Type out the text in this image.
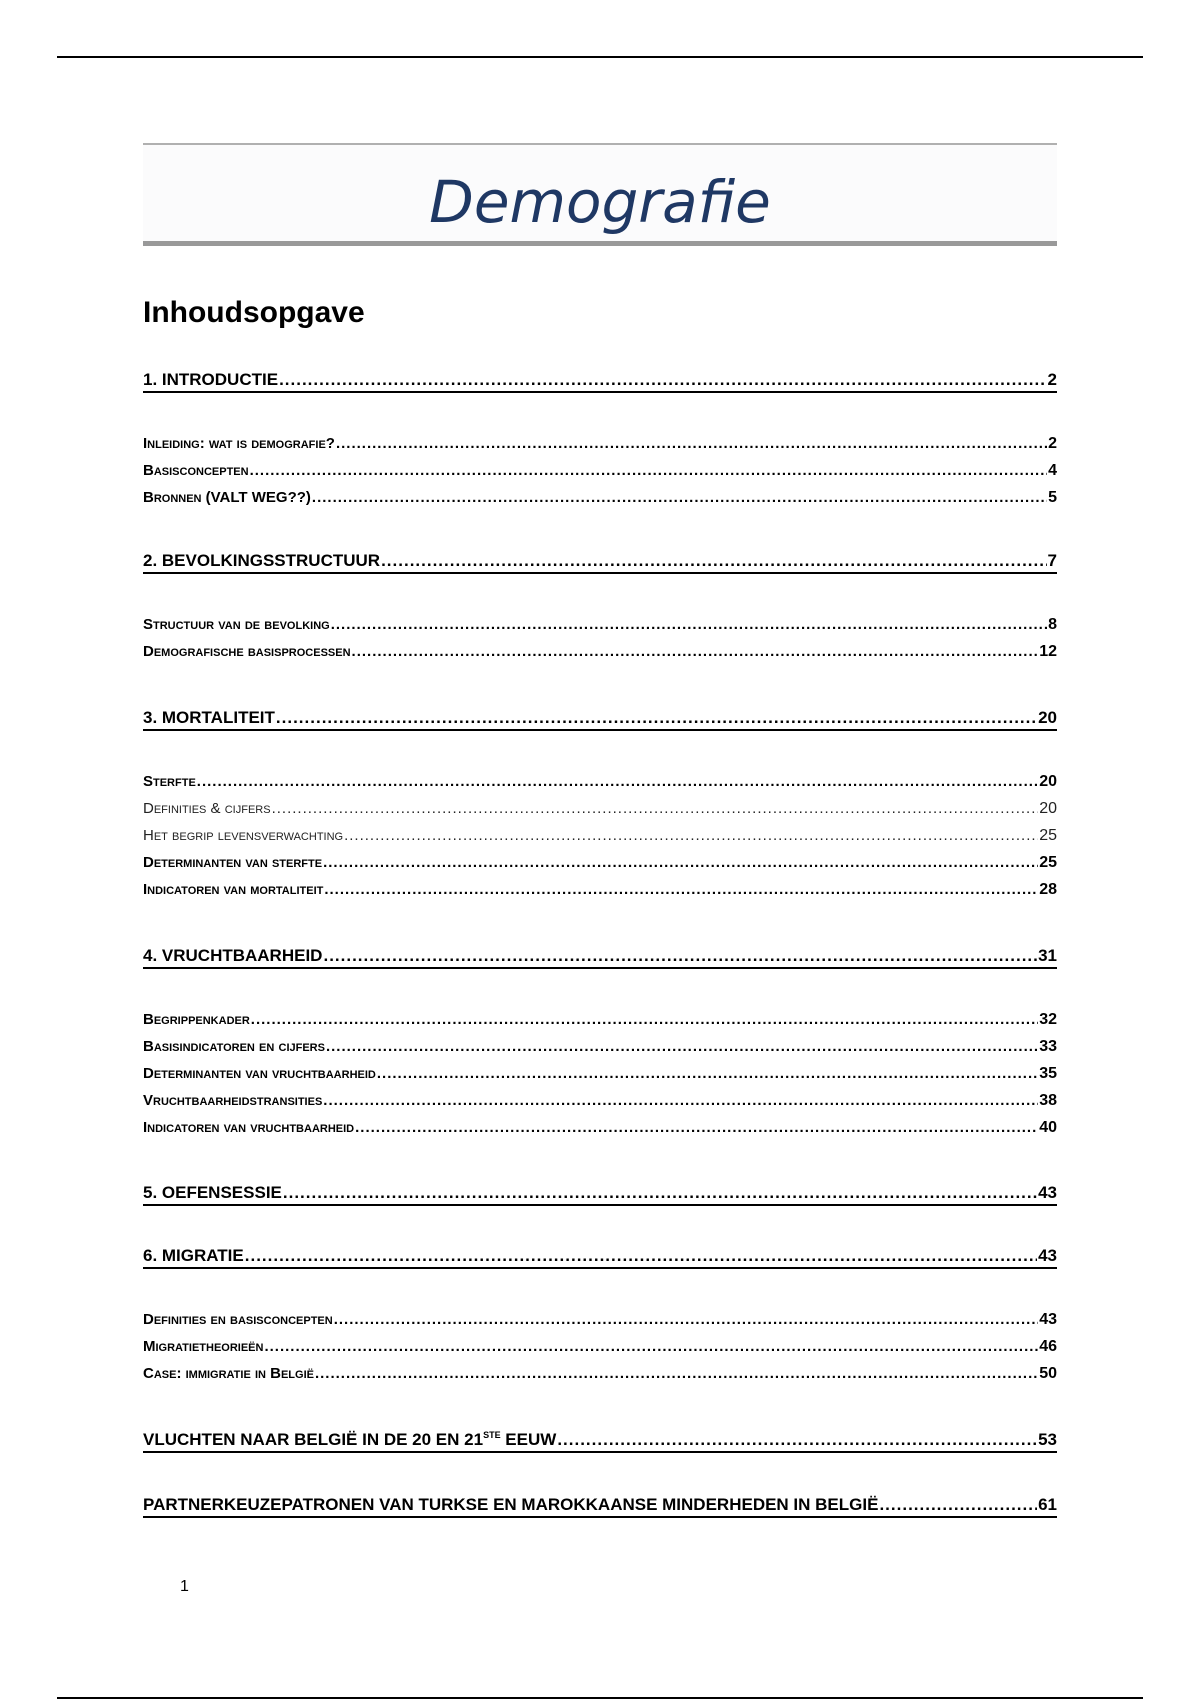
Demografie
Inhoudsopgave
1. INTRODUCTIE .....	2
Inleiding: wat is demografie? .....	2
Basisconcepten .....	4
Bronnen (VALT WEG??) .....	5
2. BEVOLKINGSSTRUCTUUR .....	7
Structuur van de bevolking .....	8
Demografische basisprocessen .....	12
3. MORTALITEIT .....	20
Sterfte .....	20
Definities & cijfers .....	20
Het begrip levensverwachting .....	25
Determinanten van sterfte .....	25
Indicatoren van mortaliteit .....	28
4. VRUCHTBAARHEID .....	31
Begrippenkader .....	32
Basisindicatoren en cijfers .....	33
Determinanten van vruchtbaarheid .....	35
Vruchtbaarheidstransities .....	38
Indicatoren van vruchtbaarheid .....	40
5. OEFENSESSIE .....	43
6. MIGRATIE .....	43
Definities en basisconcepten .....	43
Migratietheorieën .....	46
Case: immigratie in België .....	50
VLUCHTEN NAAR BELGIË IN DE 20 EN 21STE EEUW .....	53
PARTNERKEUZEPATRONEN VAN TURKSE EN MAROKKAANSE MINDERHEDEN IN BELGIË .....	61
1
